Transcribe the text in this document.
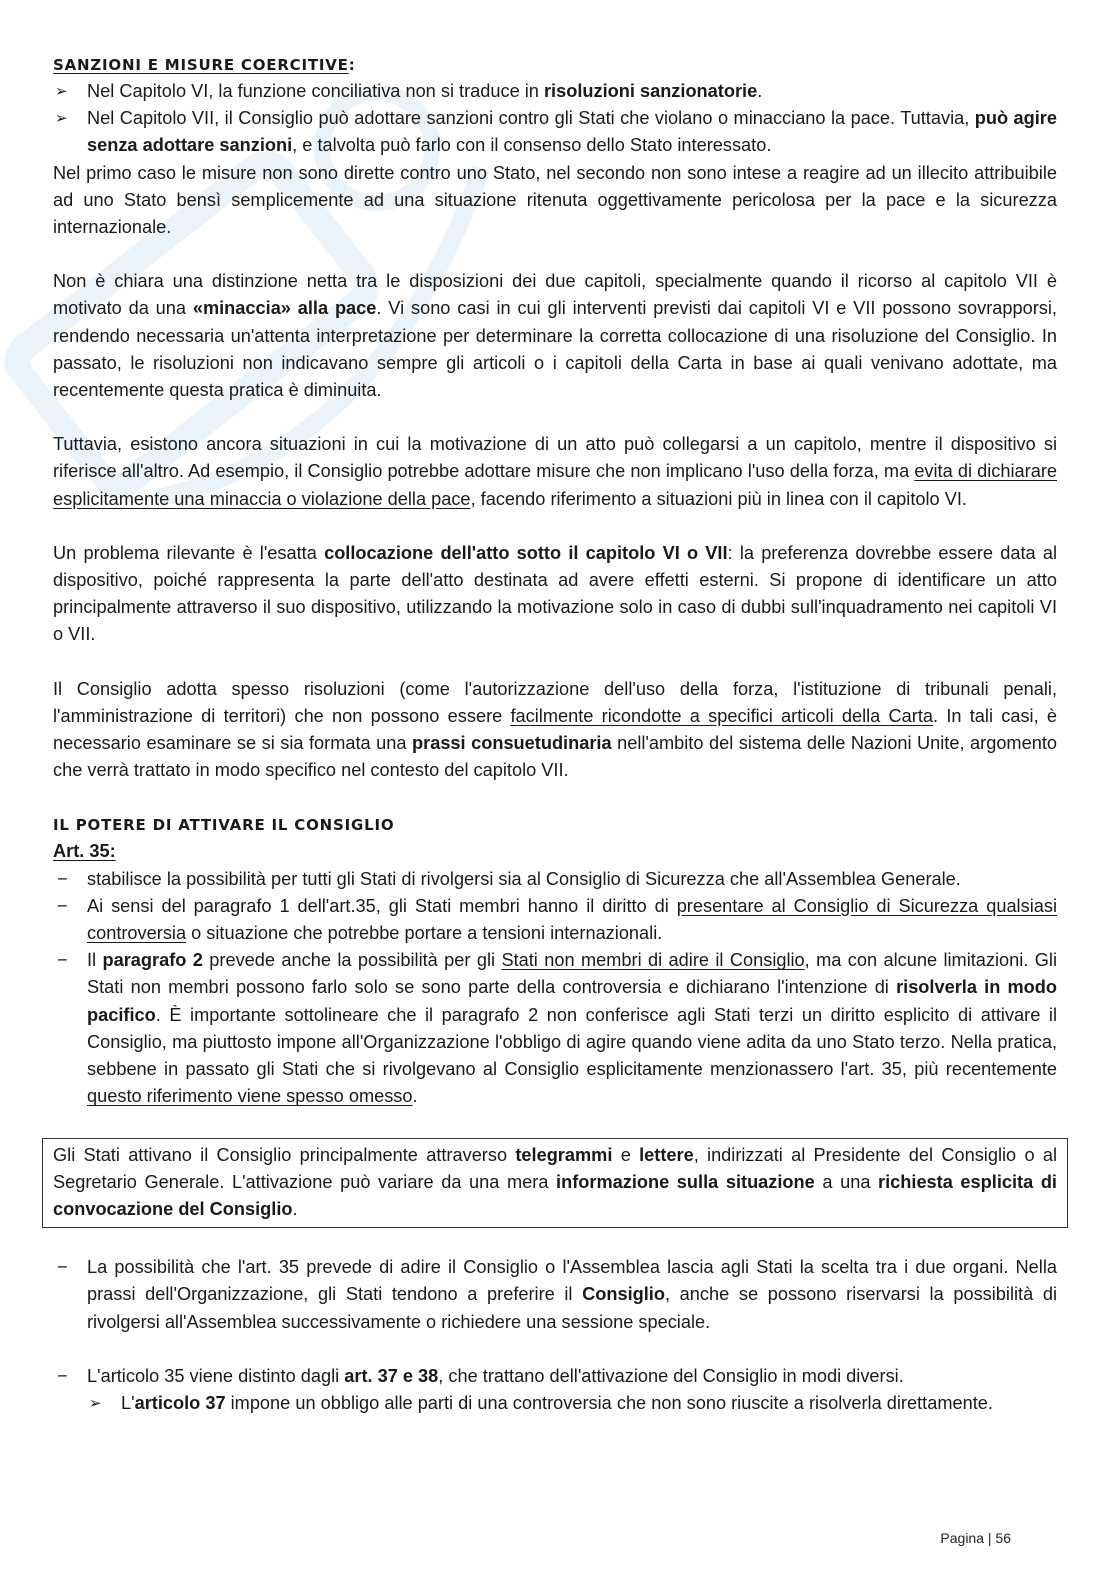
SANZIONI E MISURE COERCITIVE:
➢ Nel Capitolo VI, la funzione conciliativa non si traduce in risoluzioni sanzionatorie.
➢ Nel Capitolo VII, il Consiglio può adottare sanzioni contro gli Stati che violano o minacciano la pace. Tuttavia, può agire senza adottare sanzioni, e talvolta può farlo con il consenso dello Stato interessato.

Nel primo caso le misure non sono dirette contro uno Stato, nel secondo non sono intese a reagire ad un illecito attribuibile ad uno Stato bensì semplicemente ad una situazione ritenuta oggettivamente pericolosa per la pace e la sicurezza internazionale.

Non è chiara una distinzione netta tra le disposizioni dei due capitoli, specialmente quando il ricorso al capitolo VII è motivato da una «minaccia» alla pace. Vi sono casi in cui gli interventi previsti dai capitoli VI e VII possono sovrapporsi, rendendo necessaria un'attenta interpretazione per determinare la corretta collocazione di una risoluzione del Consiglio. In passato, le risoluzioni non indicavano sempre gli articoli o i capitoli della Carta in base ai quali venivano adottate, ma recentemente questa pratica è diminuita.

Tuttavia, esistono ancora situazioni in cui la motivazione di un atto può collegarsi a un capitolo, mentre il dispositivo si riferisce all'altro. Ad esempio, il Consiglio potrebbe adottare misure che non implicano l'uso della forza, ma evita di dichiarare esplicitamente una minaccia o violazione della pace, facendo riferimento a situazioni più in linea con il capitolo VI.

Un problema rilevante è l'esatta collocazione dell'atto sotto il capitolo VI o VII: la preferenza dovrebbe essere data al dispositivo, poiché rappresenta la parte dell'atto destinata ad avere effetti esterni. Si propone di identificare un atto principalmente attraverso il suo dispositivo, utilizzando la motivazione solo in caso di dubbi sull'inquadramento nei capitoli VI o VII.

Il Consiglio adotta spesso risoluzioni (come l'autorizzazione dell'uso della forza, l'istituzione di tribunali penali, l'amministrazione di territori) che non possono essere facilmente ricondotte a specifici articoli della Carta. In tali casi, è necessario esaminare se si sia formata una prassi consuetudinaria nell'ambito del sistema delle Nazioni Unite, argomento che verrà trattato in modo specifico nel contesto del capitolo VII.

IL POTERE DI ATTIVARE IL CONSIGLIO
Art. 35:
− stabilisce la possibilità per tutti gli Stati di rivolgersi sia al Consiglio di Sicurezza che all'Assemblea Generale.
− Ai sensi del paragrafo 1 dell'art.35, gli Stati membri hanno il diritto di presentare al Consiglio di Sicurezza qualsiasi controversia o situazione che potrebbe portare a tensioni internazionali.
− Il paragrafo 2 prevede anche la possibilità per gli Stati non membri di adire il Consiglio, ma con alcune limitazioni. Gli Stati non membri possono farlo solo se sono parte della controversia e dichiarano l'intenzione di risolverla in modo pacifico. È importante sottolineare che il paragrafo 2 non conferisce agli Stati terzi un diritto esplicito di attivare il Consiglio, ma piuttosto impone all'Organizzazione l'obbligo di agire quando viene adita da uno Stato terzo. Nella pratica, sebbene in passato gli Stati che si rivolgevano al Consiglio esplicitamente menzionassero l'art. 35, più recentemente questo riferimento viene spesso omesso.
Gli Stati attivano il Consiglio principalmente attraverso telegrammi e lettere, indirizzati al Presidente del Consiglio o al Segretario Generale. L'attivazione può variare da una mera informazione sulla situazione a una richiesta esplicita di convocazione del Consiglio.
− La possibilità che l'art. 35 prevede di adire il Consiglio o l'Assemblea lascia agli Stati la scelta tra i due organi. Nella prassi dell'Organizzazione, gli Stati tendono a preferire il Consiglio, anche se possono riservarsi la possibilità di rivolgersi all'Assemblea successivamente o richiedere una sessione speciale.
− L'articolo 35 viene distinto dagli art. 37 e 38, che trattano dell'attivazione del Consiglio in modi diversi.
➢ L'articolo 37 impone un obbligo alle parti di una controversia che non sono riuscite a risolverla direttamente.
Pagina | 56
